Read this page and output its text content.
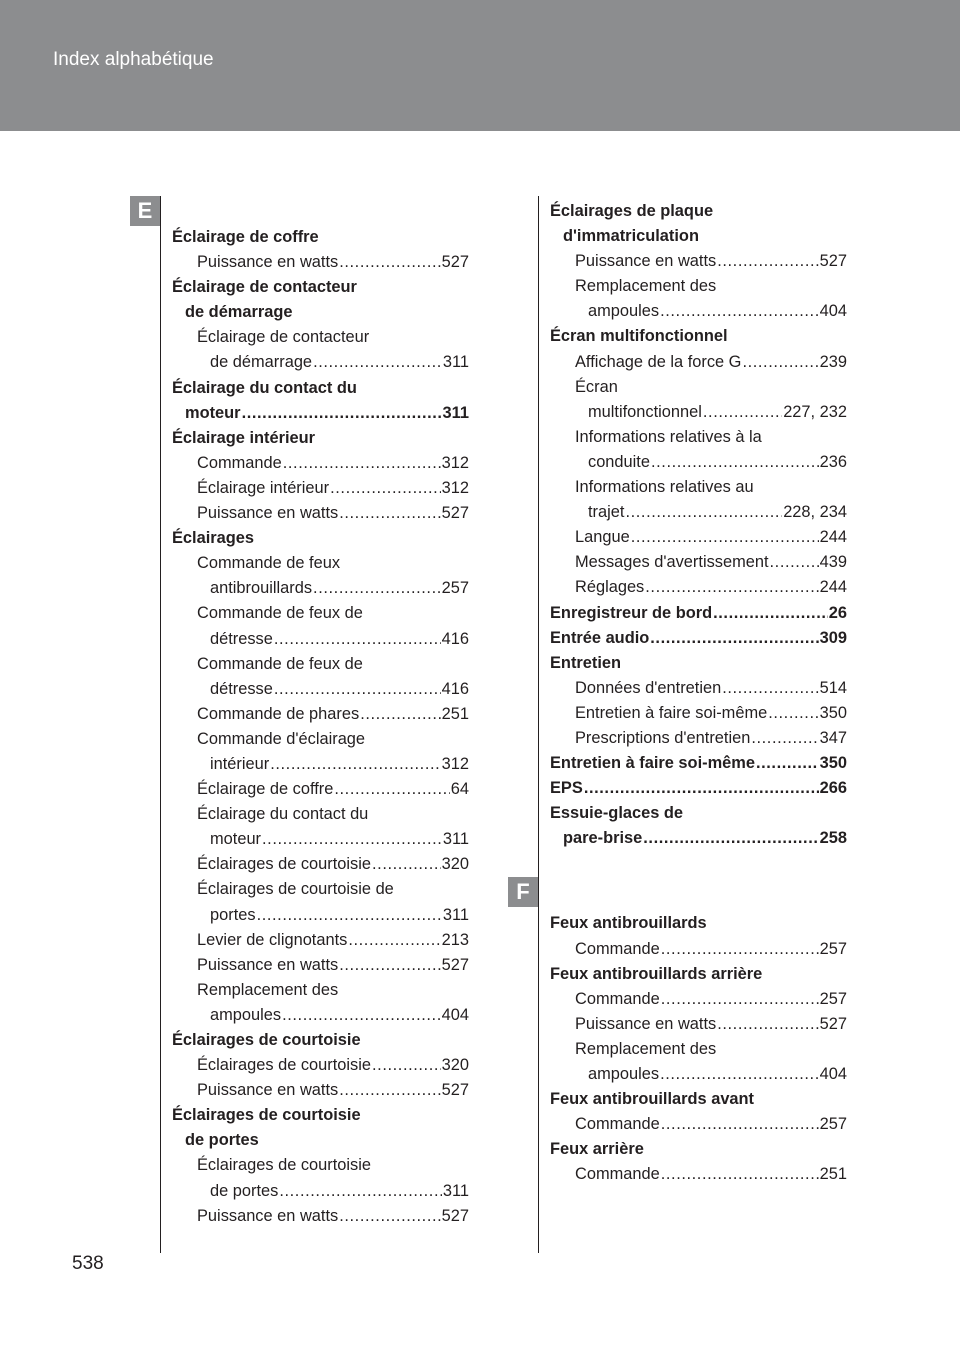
Index alphabétique
E
F
Éclairage de coffre
Puissance en watts .....	527
Éclairage de contacteur
de démarrage
Éclairage de contacteur
de démarrage .....	311
Éclairage du contact du
moteur .....	311
Éclairage intérieur
Commande .....	312
Éclairage intérieur .....	312
Puissance en watts .....	527
Éclairages
Commande de feux
antibrouillards .....	257
Commande de feux de
détresse .....	416
Commande de feux de
détresse .....	416
Commande de phares .....	251
Commande d'éclairage
intérieur .....	312
Éclairage de coffre .....	64
Éclairage du contact du
moteur .....	311
Éclairages de courtoisie .....	320
Éclairages de courtoisie de
portes .....	311
Levier de clignotants .....	213
Puissance en watts .....	527
Remplacement des
ampoules .....	404
Éclairages de courtoisie
Éclairages de courtoisie .....	320
Puissance en watts .....	527
Éclairages de courtoisie
de portes
Éclairages de courtoisie
de portes .....	311
Puissance en watts .....	527
Éclairages de plaque
d'immatriculation
Puissance en watts .....	527
Remplacement des
ampoules .....	404
Écran multifonctionnel
Affichage de la force G .....	239
Écran
multifonctionnel .....	227, 232
Informations relatives à la
conduite .....	236
Informations relatives au
trajet .....	228, 234
Langue .....	244
Messages d'avertissement .....	439
Réglages .....	244
Enregistreur de bord .....	26
Entrée audio .....	309
Entretien
Données d'entretien .....	514
Entretien à faire soi-même .....	350
Prescriptions d'entretien .....	347
Entretien à faire soi-même .....	350
EPS .....	266
Essuie-glaces de
pare-brise .....	258
Feux antibrouillards
Commande .....	257
Feux antibrouillards arrière
Commande .....	257
Puissance en watts .....	527
Remplacement des
ampoules .....	404
Feux antibrouillards avant
Commande .....	257
Feux arrière
Commande .....	251
538
